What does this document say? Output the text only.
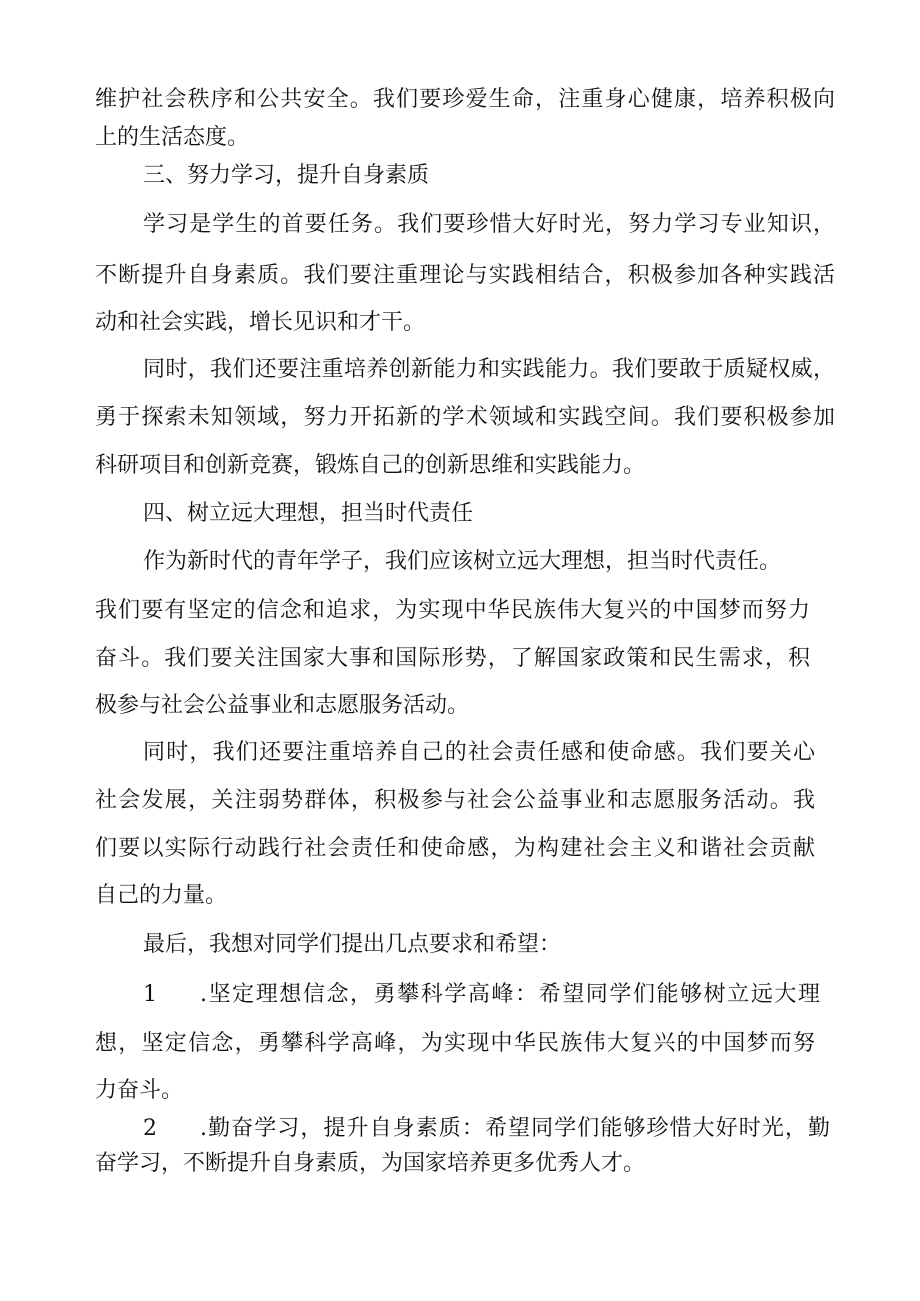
维护社会秩序和公共安全。我们要珍爱生命，注重身心健康，培养积极向
上的生活态度。
三、努力学习，提升自身素质
学习是学生的首要任务。我们要珍惜大好时光，努力学习专业知识，
不断提升自身素质。我们要注重理论与实践相结合，积极参加各种实践活
动和社会实践，增长见识和才干。
同时，我们还要注重培养创新能力和实践能力。我们要敢于质疑权威，
勇于探索未知领域，努力开拓新的学术领域和实践空间。我们要积极参加
科研项目和创新竞赛，锻炼自己的创新思维和实践能力。
四、树立远大理想，担当时代责任
作为新时代的青年学子，我们应该树立远大理想，担当时代责任。
我们要有坚定的信念和追求，为实现中华民族伟大复兴的中国梦而努力
奋斗。我们要关注国家大事和国际形势，了解国家政策和民生需求，积
极参与社会公益事业和志愿服务活动。
同时，我们还要注重培养自己的社会责任感和使命感。我们要关心
社会发展，关注弱势群体，积极参与社会公益事业和志愿服务活动。我
们要以实际行动践行社会责任和使命感，为构建社会主义和谐社会贡献
自己的力量。
最后，我想对同学们提出几点要求和希望：
1 .坚定理想信念，勇攀科学高峰：希望同学们能够树立远大理
想，坚定信念，勇攀科学高峰，为实现中华民族伟大复兴的中国梦而努
力奋斗。
2 .勤奋学习，提升自身素质：希望同学们能够珍惜大好时光，勤
奋学习，不断提升自身素质，为国家培养更多优秀人才。
